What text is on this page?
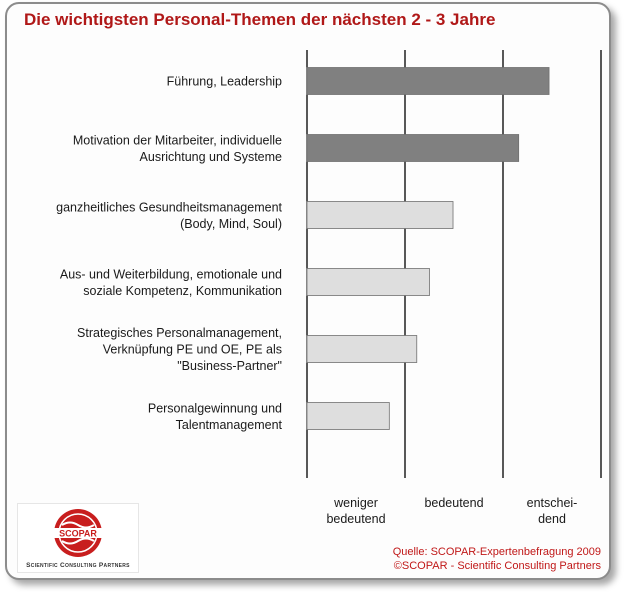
Die wichtigsten Personal-Themen der nächsten 2 - 3 Jahre
Führung, Leadership
Motivation der Mitarbeiter, individuelle Ausrichtung und Systeme
ganzheitliches Gesundheitsmanagement (Body, Mind, Soul)
Aus- und Weiterbildung, emotionale und soziale Kompetenz, Kommunikation
Strategisches Personalmanagement, Verknüpfung PE und OE, PE als "Business-Partner"
Personalgewinnung und Talentmanagement
weniger bedeutend
bedeutend	entschei-dend
SCOPAR
Scientific Consulting Partners
Quelle: SCOPAR-Expertenbefragung 2009
©SCOPAR - Scientific Consulting Partners
